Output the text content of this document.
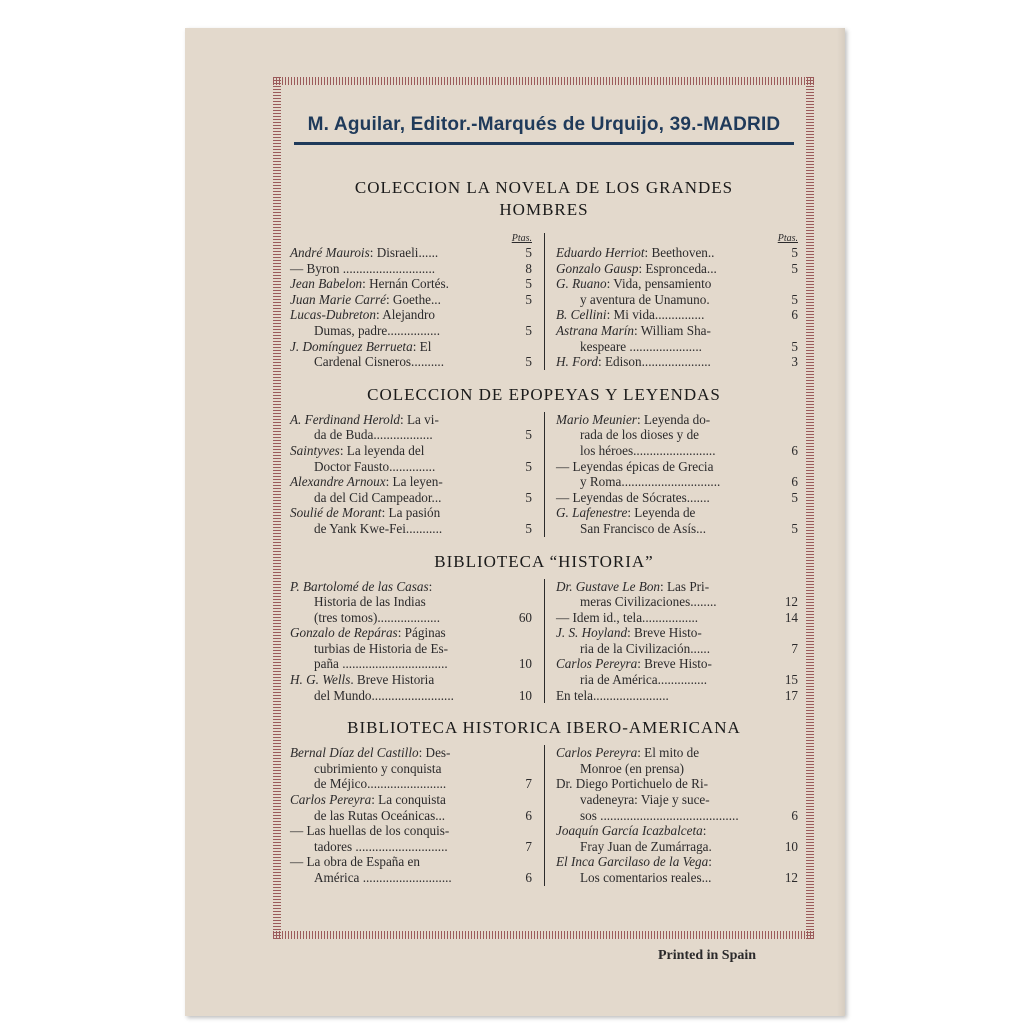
M. Aguilar, Editor.-Marqués de Urquijo, 39.-MADRID
COLECCION LA NOVELA DE LOS GRANDES
HOMBRES
Ptas.
André Maurois: Disraeli......	5
— Byron ............................	8
Jean Babelon: Hernán Cortés.	5
Juan Marie Carré: Goethe...	5
Lucas-Dubreton: Alejandro
Dumas, padre................	5
J. Domínguez Berrueta: El
Cardenal Cisneros..........	5
Ptas.
Eduardo Herriot: Beethoven..	5
Gonzalo Gausp: Espronceda...	5
G. Ruano: Vida, pensamiento
y aventura de Unamuno.	5
B. Cellini: Mi vida...............	6
Astrana Marín: William Sha-
kespeare ......................	5
H. Ford: Edison.....................	3
COLECCION DE EPOPEYAS Y LEYENDAS
A. Ferdinand Herold: La vi-
da de Buda..................	5
Saintyves: La leyenda del
Doctor Fausto..............	5
Alexandre Arnoux: La leyen-
da del Cid Campeador...	5
Soulié de Morant: La pasión
de Yank Kwe-Fei...........	5
Mario Meunier: Leyenda do-
rada de los dioses y de
los héroes.........................	6
— Leyendas épicas de Grecia
y Roma..............................	6
— Leyendas de Sócrates.......	5
G. Lafenestre: Leyenda de
San Francisco de Asís...	5
BIBLIOTECA “HISTORIA”
P. Bartolomé de las Casas:
Historia de las Indias
(tres tomos)...................	60
Gonzalo de Repáras: Páginas
turbias de Historia de Es-
paña ................................	10
H. G. Wells. Breve Historia
del Mundo.........................	10
Dr. Gustave Le Bon: Las Pri-
meras Civilizaciones........	12
— Idem id., tela.................	14
J. S. Hoyland: Breve Histo-
ria de la Civilización......	7
Carlos Pereyra: Breve Histo-
ria de América...............	15
En tela.......................	17
BIBLIOTECA HISTORICA IBERO-AMERICANA
Bernal Díaz del Castillo: Des-
cubrimiento y conquista
de Méjico........................	7
Carlos Pereyra: La conquista
de las Rutas Oceánicas...	6
— Las huellas de los conquis-
tadores ............................	7
— La obra de España en
América ...........................	6
Carlos Pereyra: El mito de
Monroe (en prensa)
Dr. Diego Portichuelo de Ri-
vadeneyra: Viaje y suce-
sos ..........................................	6
Joaquín García Icazbalceta:
Fray Juan de Zumárraga.	10
El Inca Garcilaso de la Vega:
Los comentarios reales...	12
Printed in Spain
